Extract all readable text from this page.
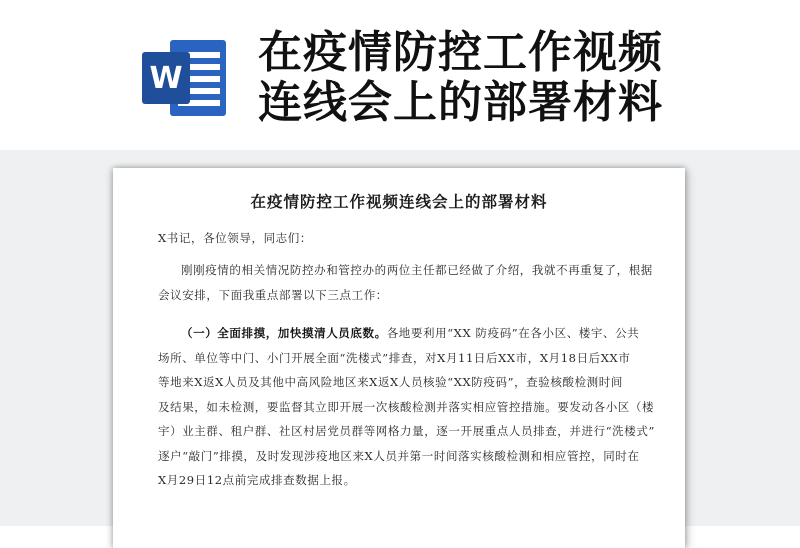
W
在疫情防控工作视频
连线会上的部署材料
在疫情防控工作视频连线会上的部署材料
X书记，各位领导，同志们：
刚刚疫情的相关情况防控办和管控办的两位主任都已经做了介绍，我就不再重复了，根据
会议安排，下面我重点部署以下三点工作：
（一）全面排摸，加快摸清人员底数。各地要利用“XX 防疫码”在各小区、楼宇、公共
场所、单位等中门、小门开展全面“洗楼式”排查，对X月11日后XX市，X月18日后XX市
等地来X返X人员及其他中高风险地区来X返X人员核验“XX防疫码”，查验核酸检测时间
及结果，如未检测，要监督其立即开展一次核酸检测并落实相应管控措施。要发动各小区（楼
宇）业主群、租户群、社区村居党员群等网格力量，逐一开展重点人员排查，并进行“洗楼式”
逐户“敲门”排摸，及时发现涉疫地区来X人员并第一时间落实核酸检测和相应管控，同时在
X月29日12点前完成排查数据上报。
